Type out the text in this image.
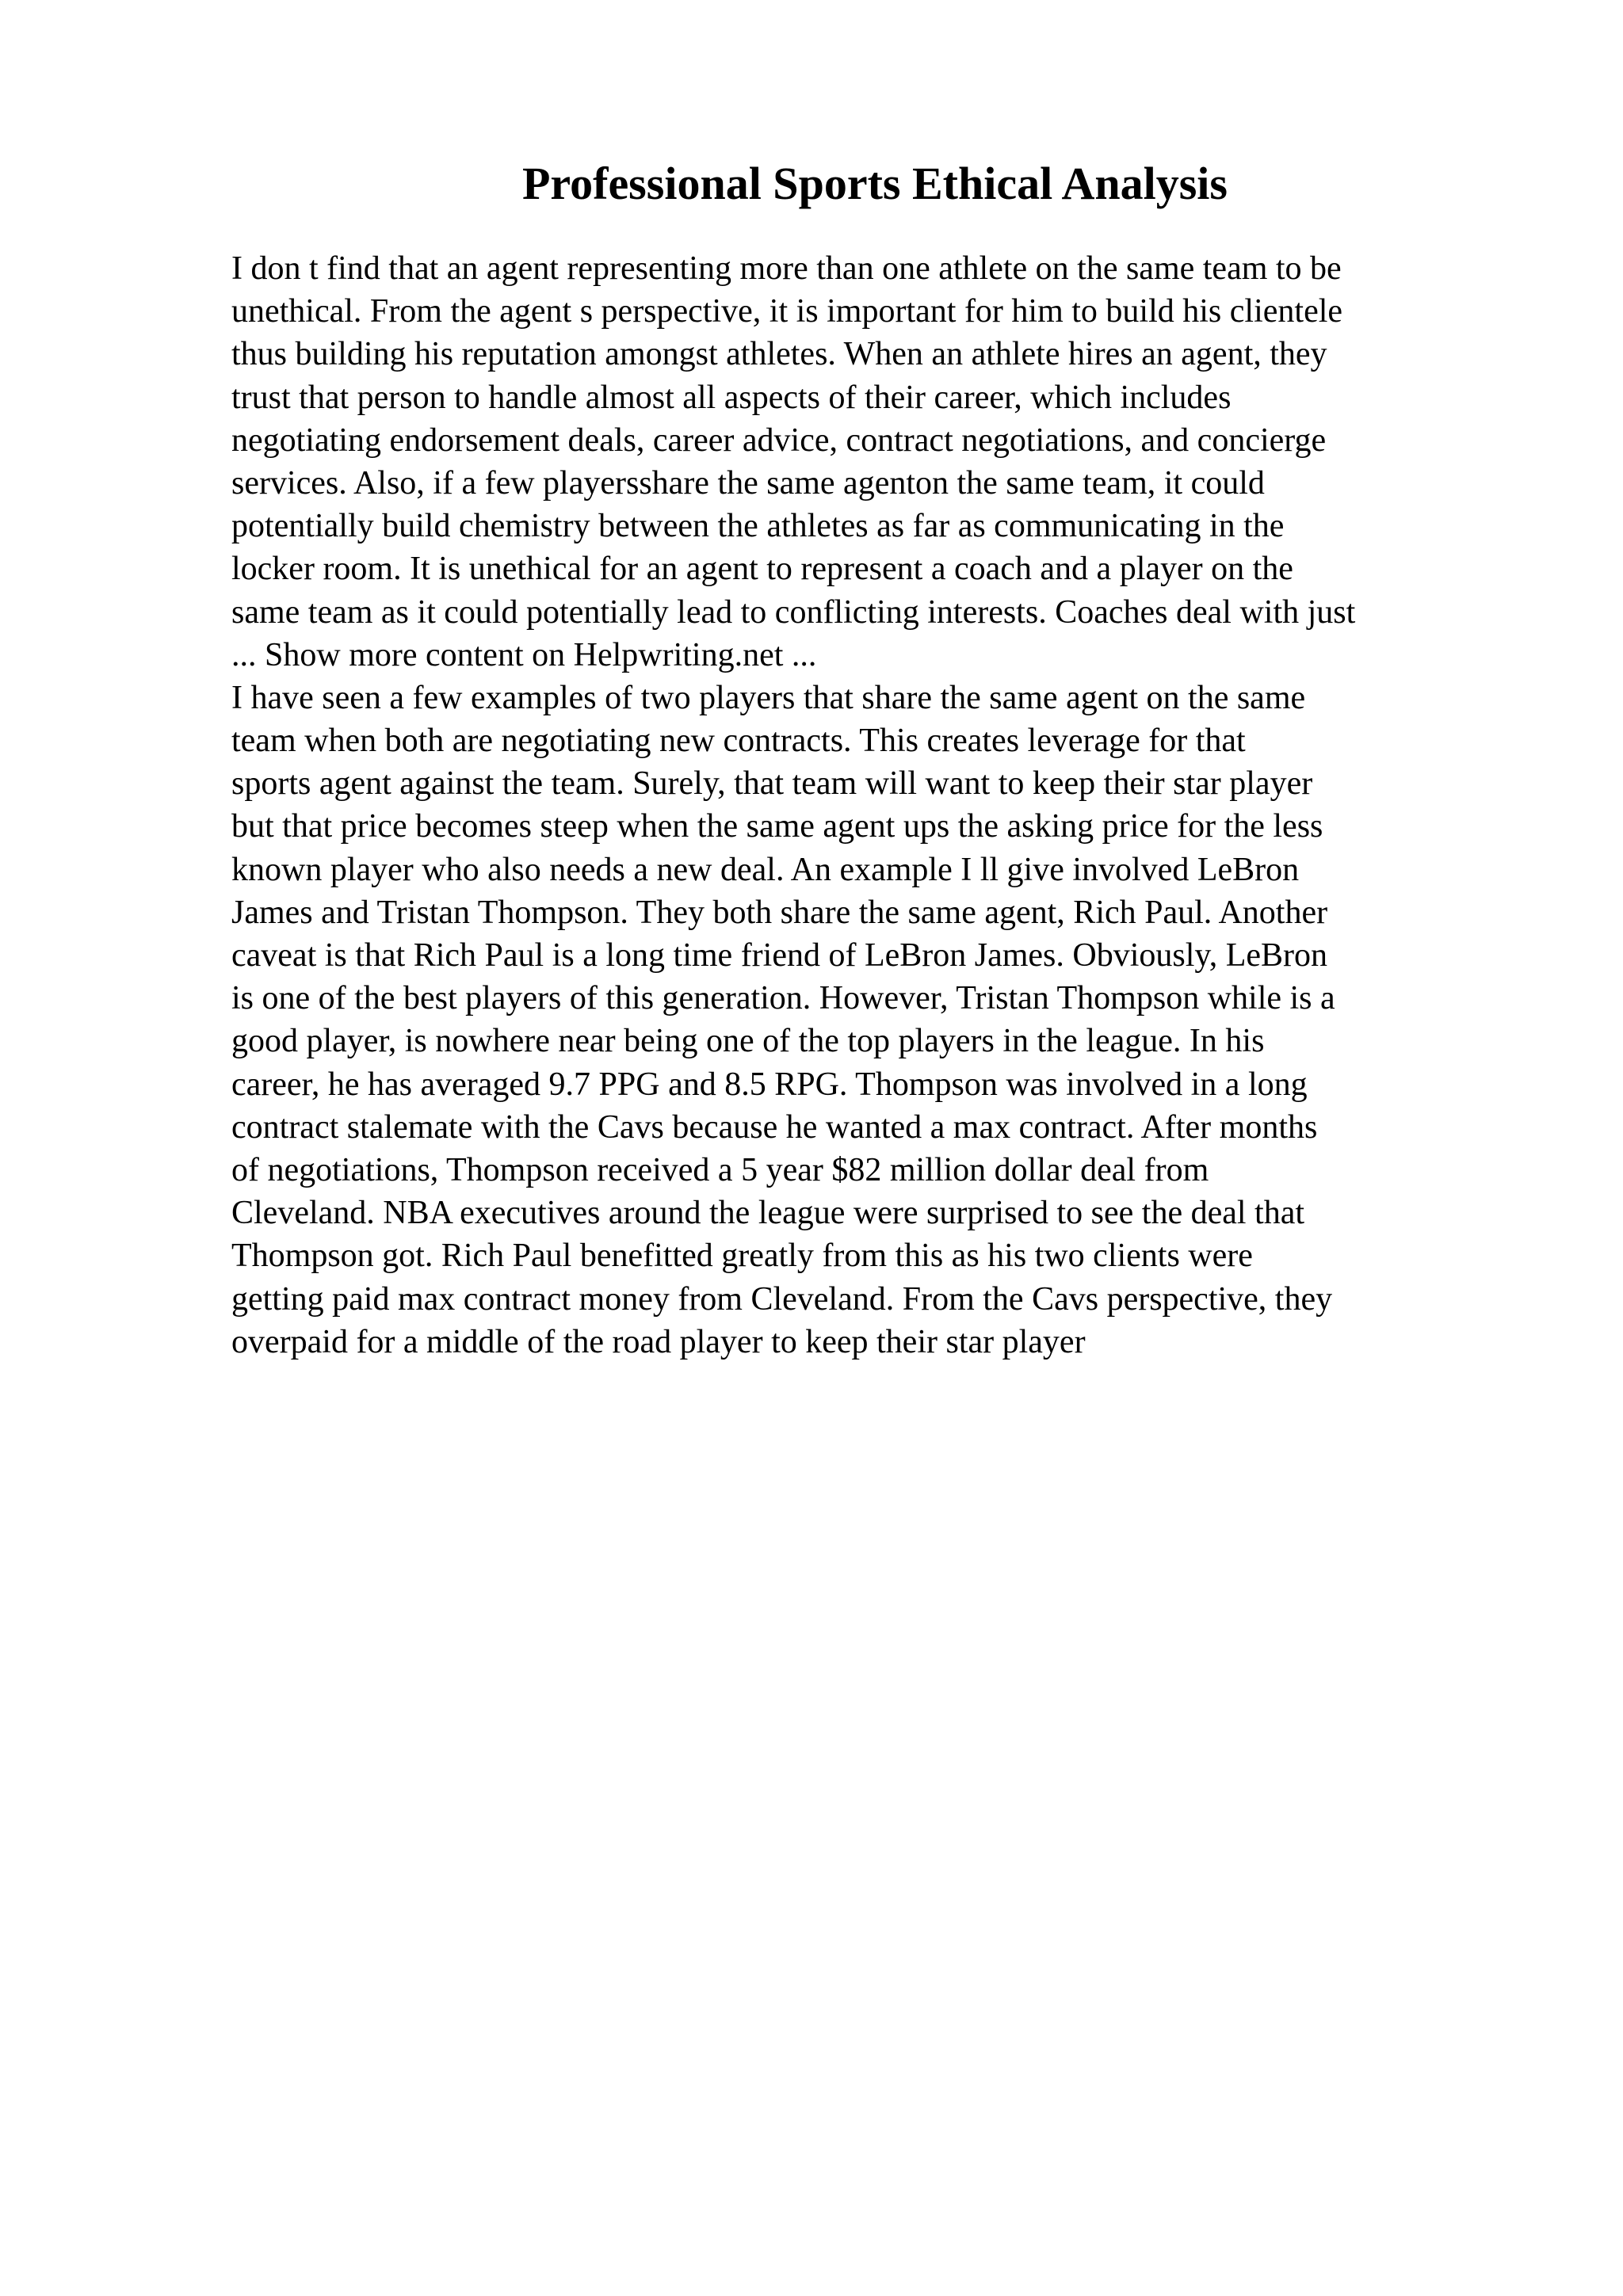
Professional Sports Ethical Analysis
I don t find that an agent representing more than one athlete on the same team to be
unethical. From the agent s perspective, it is important for him to build his clientele
thus building his reputation amongst athletes. When an athlete hires an agent, they
trust that person to handle almost all aspects of their career, which includes
negotiating endorsement deals, career advice, contract negotiations, and concierge
services. Also, if a few playersshare the same agenton the same team, it could
potentially build chemistry between the athletes as far as communicating in the
locker room. It is unethical for an agent to represent a coach and a player on the
same team as it could potentially lead to conflicting interests. Coaches deal with just
... Show more content on Helpwriting.net ...
I have seen a few examples of two players that share the same agent on the same
team when both are negotiating new contracts. This creates leverage for that
sports agent against the team. Surely, that team will want to keep their star player
but that price becomes steep when the same agent ups the asking price for the less
known player who also needs a new deal. An example I ll give involved LeBron
James and Tristan Thompson. They both share the same agent, Rich Paul. Another
caveat is that Rich Paul is a long time friend of LeBron James. Obviously, LeBron
is one of the best players of this generation. However, Tristan Thompson while is a
good player, is nowhere near being one of the top players in the league. In his
career, he has averaged 9.7 PPG and 8.5 RPG. Thompson was involved in a long
contract stalemate with the Cavs because he wanted a max contract. After months
of negotiations, Thompson received a 5 year $82 million dollar deal from
Cleveland. NBA executives around the league were surprised to see the deal that
Thompson got. Rich Paul benefitted greatly from this as his two clients were
getting paid max contract money from Cleveland. From the Cavs perspective, they
overpaid for a middle of the road player to keep their star player
